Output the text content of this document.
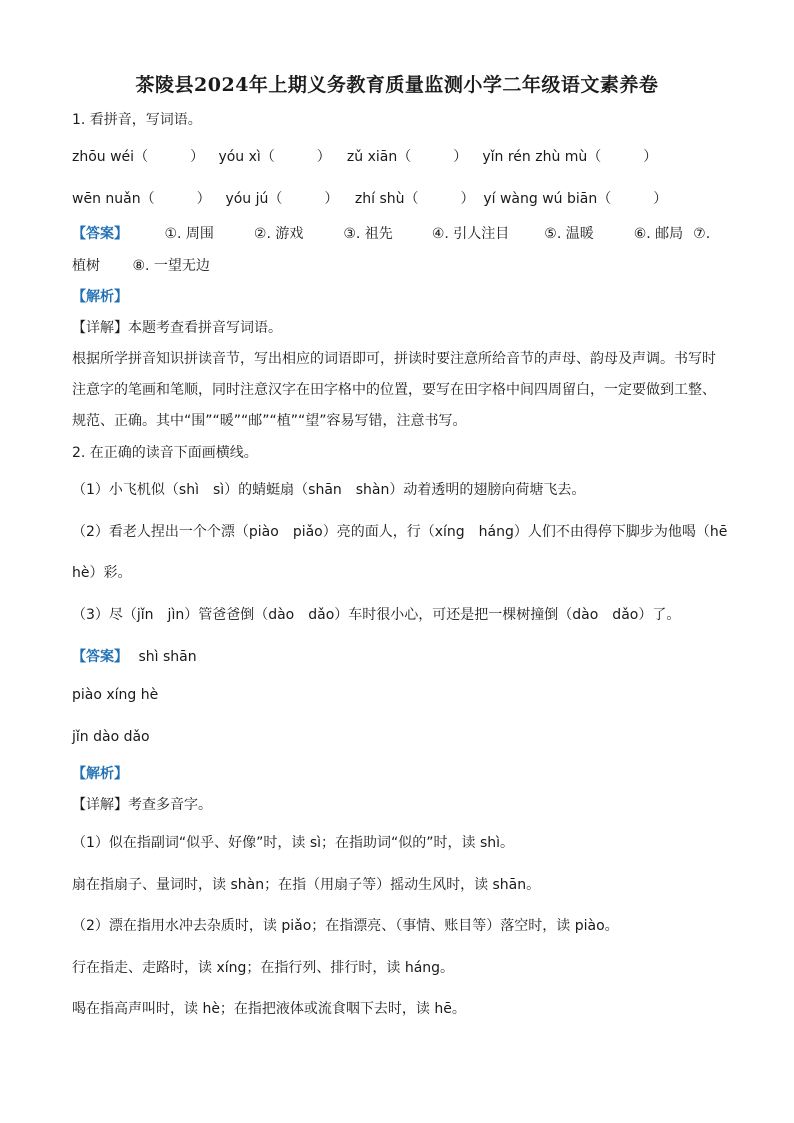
茶陵县2024年上期义务教育质量监测小学二年级语文素养卷
1. 看拼音，写词语。
zhōu wéi（　　　） yóu xì（　　　） zǔ xiān（　　　） yǐn rén zhù mù（　　　）
wēn nuǎn（　　　） yóu jú（　　　） zhí shù（　　　） yí wàng wú biān（　　　）
【答案】	①. 周围	②. 游戏	③. 祖先	④. 引人注目	⑤. 温暖	⑥. 邮局 ⑦.
植树 ⑧. 一望无边
【解析】
【详解】本题考查看拼音写词语。
根据所学拼音知识拼读音节，写出相应的词语即可，拼读时要注意所给音节的声母、韵母及声调。书写时
注意字的笔画和笔顺，同时注意汉字在田字格中的位置，要写在田字格中间四周留白，一定要做到工整、
规范、正确。其中“围”“暖”“邮”“植”“望”容易写错，注意书写。
2. 在正确的读音下面画横线。
（1）小飞机似（shì　sì）的蜻蜓扇（shān　shàn）动着透明的翅膀向荷塘飞去。
（2）看老人捏出一个个漂（piào　piǎo）亮的面人，行（xíng　háng）人们不由得停下脚步为他喝（hē
hè）彩。
（3）尽（jǐn　jìn）管爸爸倒（dào　dǎo）车时很小心，可还是把一棵树撞倒（dào　dǎo）了。
【答案】 shì shān
piào xíng hè
jǐn dào dǎo
【解析】
【详解】考查多音字。
（1）似在指副词“似乎、好像”时，读 sì；在指助词“似的”时，读 shì。
扇在指扇子、量词时，读 shàn；在指（用扇子等）摇动生风时，读 shān。
（2）漂在指用水冲去杂质时，读 piǎo；在指漂亮、（事情、账目等）落空时，读 piào。
行在指走、走路时，读 xíng；在指行列、排行时，读 háng。
喝在指高声叫时，读 hè；在指把液体或流食咽下去时，读 hē。
